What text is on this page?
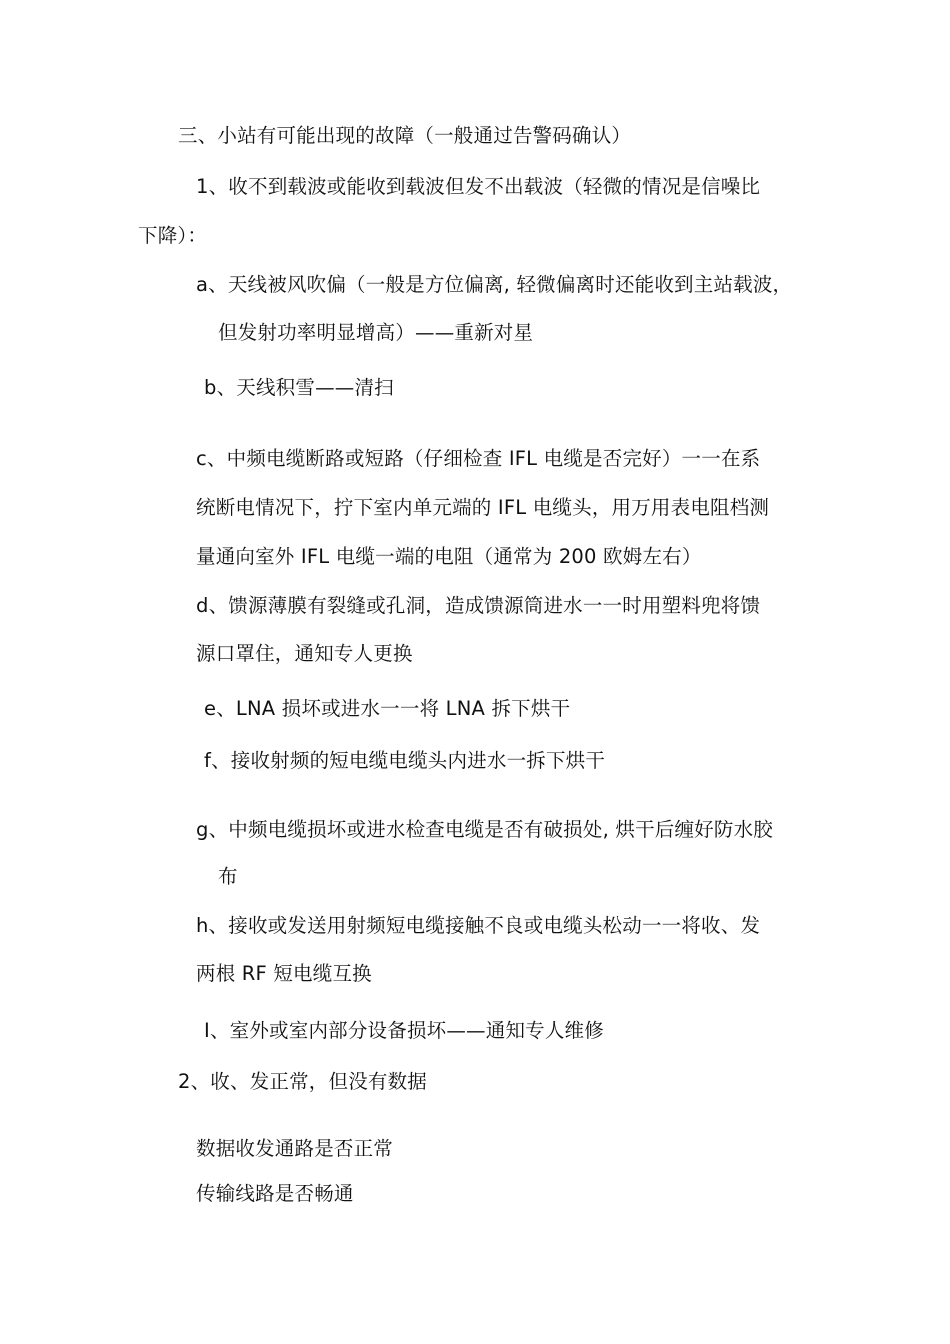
三、小站有可能出现的故障（一般通过告警码确认）
1、收不到载波或能收到载波但发不出载波（轻微的情况是信噪比
下降）：
a、天线被风吹偏（一般是方位偏离, 轻微偏离时还能收到主站载波，
但发射功率明显增高）——重新对星
b、天线积雪——清扫
c、中频电缆断路或短路（仔细检查 IFL 电缆是否完好）一一在系
统断电情况下，拧下室内单元端的 IFL 电缆头，用万用表电阻档测
量通向室外 IFL 电缆一端的电阻（通常为 200 欧姆左右）
d、馈源薄膜有裂缝或孔洞，造成馈源筒进水一一时用塑料兜将馈
源口罩住，通知专人更换
e、LNA 损坏或进水一一将 LNA 拆下烘干
f、接收射频的短电缆电缆头内进水一拆下烘干
g、中频电缆损坏或进水检查电缆是否有破损处, 烘干后缠好防水胶
布
h、接收或发送用射频短电缆接触不良或电缆头松动一一将收、发
两根 RF 短电缆互换
I、室外或室内部分设备损坏——通知专人维修
2、收、发正常，但没有数据
数据收发通路是否正常
传输线路是否畅通
